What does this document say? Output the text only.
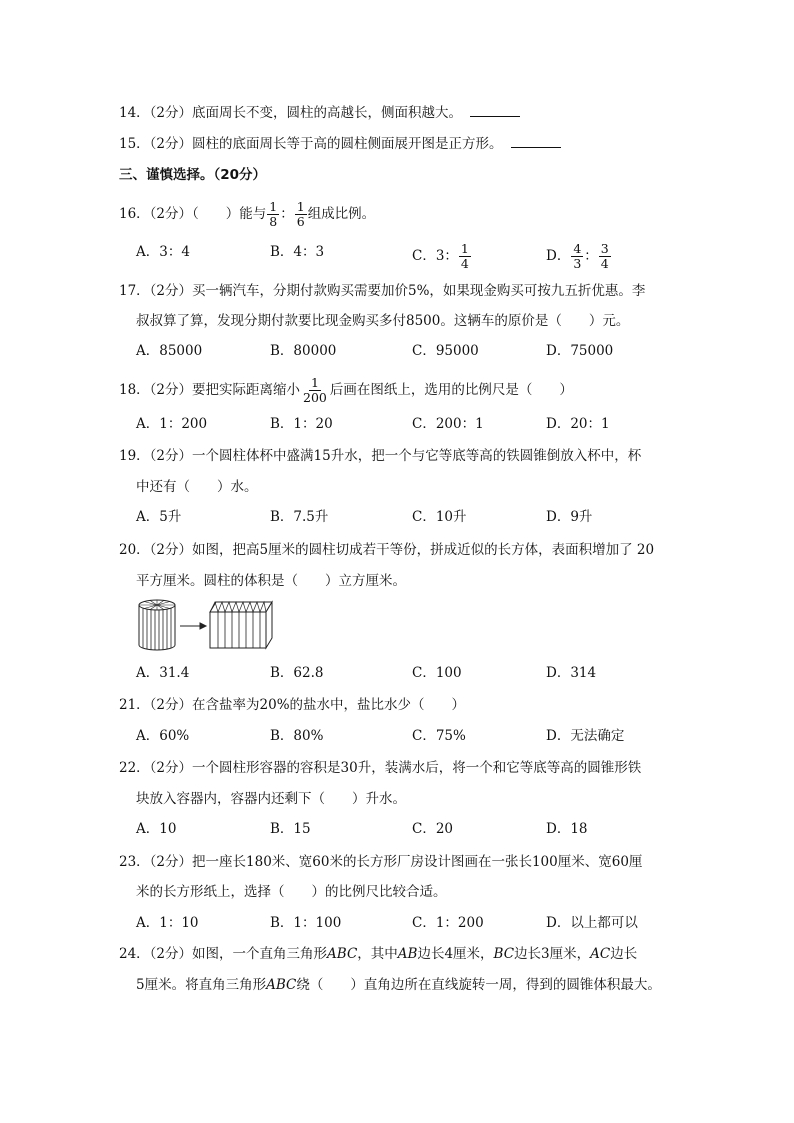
14．（2分）底面周长不变，圆柱的高越长，侧面积越大。
15．（2分）圆柱的底面周长等于高的圆柱侧面展开图是正方形。
三、谨慎选择。（20分）
16．（2分）（　　）能与 $\frac{1}{8}$ ： $\frac{1}{6}$ 组成比例。
A．3：4	B．4：3	C．3： $\frac{1}{4}$	D． $\frac{4}{3}$ ： $\frac{3}{4}$
17．（2分）买一辆汽车，分期付款购买需要加价5%，如果现金购买可按九五折优惠。李
叔叔算了算，发现分期付款要比现金购买多付8500。这辆车的原价是（　　）元。
A．85000	B．80000	C．95000	D．75000
18．（2分）要把实际距离缩小 $\frac{1}{200}$ 后画在图纸上，选用的比例尺是（　　）
A．1：200	B．1：20	C．200：1	D．20：1
19．（2分）一个圆柱体杯中盛满15升水，把一个与它等底等高的铁圆锥倒放入杯中，杯
中还有（　　）水。
A．5升	B．7.5升	C．10升	D．9升
20．（2分）如图，把高5厘米的圆柱切成若干等份，拼成近似的长方体，表面积增加了 20
平方厘米。圆柱的体积是（　　）立方厘米。
A．31.4	B．62.8	C．100	D．314
21．（2分）在含盐率为20%的盐水中，盐比水少（　　）
A．60%	B．80%	C．75%	D．无法确定
22．（2分）一个圆柱形容器的容积是30升，装满水后，将一个和它等底等高的圆锥形铁
块放入容器内，容器内还剩下（　　）升水。
A．10	B．15	C．20	D．18
23．（2分）把一座长180米、宽60米的长方形厂房设计图画在一张长100厘米、宽60厘
米的长方形纸上，选择（　　）的比例尺比较合适。
A．1：10	B．1：100	C．1：200	D．以上都可以
24．（2分）如图，一个直角三角形ABC，其中AB边长4厘米，BC边长3厘米，AC边长
5厘米。将直角三角形ABC绕（　　）直角边所在直线旋转一周，得到的圆锥体积最大。
